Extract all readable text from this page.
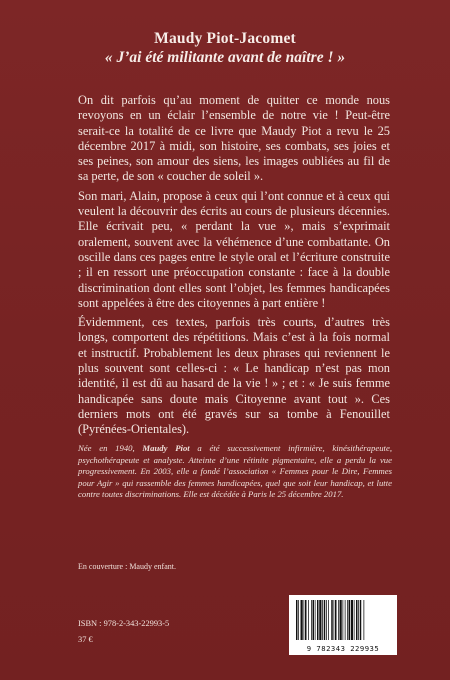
Maudy Piot-Jacomet
« J’ai été militante avant de naître ! »

On dit parfois qu’au moment de quitter ce monde nous revoyons en un éclair l’ensemble de notre vie ! Peut-être serait-ce la totalité de ce livre que Maudy Piot a revu le 25 décembre 2017 à midi, son histoire, ses combats, ses joies et ses peines, son amour des siens, les images oubliées au fil de sa perte, de son « coucher de soleil ».

Son mari, Alain, propose à ceux qui l’ont connue et à ceux qui veulent la découvrir des écrits au cours de plusieurs décennies. Elle écrivait peu, « perdant la vue », mais s’exprimait oralement, souvent avec la véhémence d’une combattante. On oscille dans ces pages entre le style oral et l’écriture construite ; il en ressort une préoccupation constante : face à la double discrimination dont elles sont l’objet, les femmes handicapées sont appelées à être des citoyennes à part entière !

Évidemment, ces textes, parfois très courts, d’autres très longs, comportent des répétitions. Mais c’est à la fois normal et instructif. Probablement les deux phrases qui reviennent le plus souvent sont celles-ci : « Le handicap n’est pas mon identité, il est dû au hasard de la vie ! » ; et : « Je suis femme handicapée sans doute mais Citoyenne avant tout ». Ces derniers mots ont été gravés sur sa tombe à Fenouillet (Pyrénées-Orientales).

Née en 1940, Maudy Piot a été successivement infirmière, kinésithérapeute, psychothérapeute et analyste. Atteinte d’une rétinite pigmentaire, elle a perdu la vue progressivement. En 2003, elle a fondé l’association « Femmes pour le Dire, Femmes pour Agir » qui rassemble des femmes handicapées, quel que soit leur handicap, et lutte contre toutes discriminations. Elle est décédée à Paris le 25 décembre 2017.
En couverture : Maudy enfant.
ISBN : 978-2-343-22993-5
37 €
9 782343 229935
